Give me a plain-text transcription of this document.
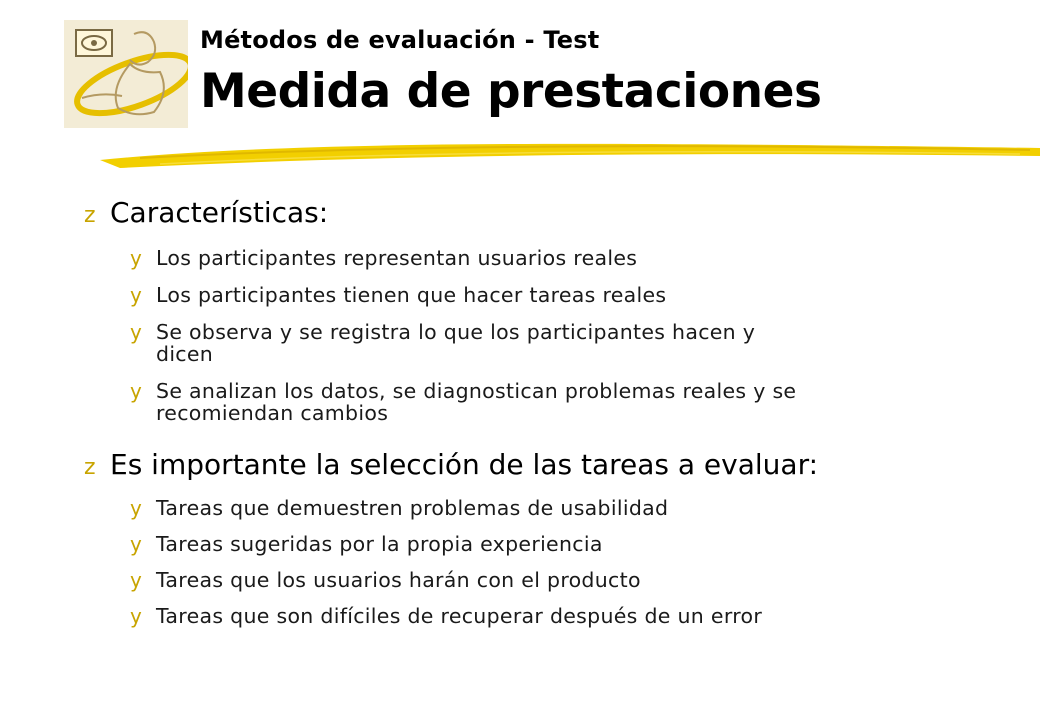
Métodos de evaluación - Test
Medida de prestaciones
z Características:
y Los participantes representan usuarios reales
y Los participantes tienen que hacer tareas reales
y Se observa y se registra lo que los participantes hacen y
dicen
y Se analizan los datos, se diagnostican problemas reales y se
recomiendan cambios
z Es importante la selección de las tareas a evaluar:
y Tareas que demuestren problemas de usabilidad
y Tareas sugeridas por la propia experiencia
y Tareas que los usuarios harán con el producto
y Tareas que son difíciles de recuperar después de un error
